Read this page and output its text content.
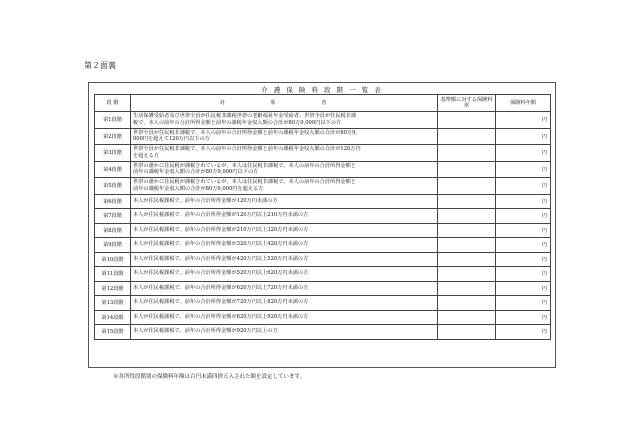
第２面裏
介 護 保 険 料 段 階 一 覧 表
段 階	対 象 者	基準額に対する保険料率	保険料年額
第1段階	生活保護受給者及び世帯全員が住民税非課税世帯の老齢福祉年金受給者、世帯全員が住民税非課
税で、本人の前年の合計所得金額と前年の課税年金収入額の合計が80万9,000円以下の方		円
第2段階	世帯全員が住民税非課税で、本人の前年の合計所得金額と前年の課税年金収入額の合計が80万9,
000円を超えて120万円以下の方		円
第3段階	世帯全員が住民税非課税で、本人の前年の合計所得金額と前年の課税年金収入額の合計が120万円
を超える方		円
第4段階	世帯の誰かに住民税が課税されているが、本人は住民税非課税で、本人の前年の合計所得金額と
前年の課税年金収入額の合計が80万9,000円以下の方		円
第5段階	世帯の誰かに住民税が課税されているが、本人は住民税非課税で、本人の前年の合計所得金額と
前年の課税年金収入額の合計が80万9,000円を超える方		円
第6段階	本人が住民税課税で、前年の合計所得金額が120万円未満の方		円
第7段階	本人が住民税課税で、前年の合計所得金額が120万円以上210万円未満の方		円
第8段階	本人が住民税課税で、前年の合計所得金額が210万円以上320万円未満の方		円
第9段階	本人が住民税課税で、前年の合計所得金額が320万円以上420万円未満の方		円
第10段階	本人が住民税課税で、前年の合計所得金額が420万円以上520万円未満の方		円
第11段階	本人が住民税課税で、前年の合計所得金額が520万円以上620万円未満の方		円
第12段階	本人が住民税課税で、前年の合計所得金額が620万円以上720万円未満の方		円
第13段階	本人が住民税課税で、前年の合計所得金額が720万円以上820万円未満の方		円
第14段階	本人が住民税課税で、前年の合計所得金額が820万円以上920万円未満の方		円
第15段階	本人が住民税課税で、前年の合計所得金額が920万円以上の方		円
※各所得段階別の保険料年額は百円未満四捨五入された額を設定しています。
